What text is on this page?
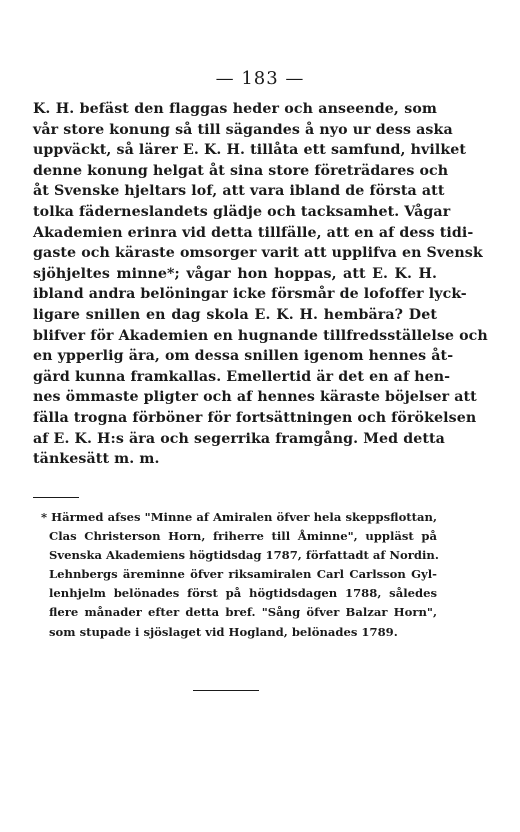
— 183 —
K. H. befäst den flaggas heder och anseende, som
vår store konung så till sägandes å nyo ur dess aska
uppväckt, så lärer E. K. H. tillåta ett samfund, hvilket
denne konung helgat åt sina store företrädares och
åt Svenske hjeltars lof, att vara ibland de första att
tolka fäderneslandets glädje och tacksamhet. Vågar
Akademien erinra vid detta tillfälle, att en af dess tidi-
gaste och käraste omsorger varit att upplifva en Svensk
sjöhjeltes minne*; vågar hon hoppas, att E. K. H.
ibland andra belöningar icke försmår de lofoffer lyck-
ligare snillen en dag skola E. K. H. hembära? Det
blifver för Akademien en hugnande tillfredsställelse och
en ypperlig ära, om dessa snillen igenom hennes åt-
gärd kunna framkallas. Emellertid är det en af hen-
nes ömmaste pligter och af hennes käraste böjelser att
fälla trogna förböner för fortsättningen och förökelsen
af E. K. H:s ära och segerrika framgång. Med detta
tänkesätt m. m.
* Härmed afses "Minne af Amiralen öfver hela skeppsflottan,
Clas Christerson Horn, friherre till Åminne", uppläst på
Svenska Akademiens högtidsdag 1787, författadt af Nordin.
Lehnbergs äreminne öfver riksamiralen Carl Carlsson Gyl-
lenhjelm belönades först på högtidsdagen 1788, således
flere månader efter detta bref. "Sång öfver Balzar Horn",
som stupade i sjöslaget vid Hogland, belönades 1789.
